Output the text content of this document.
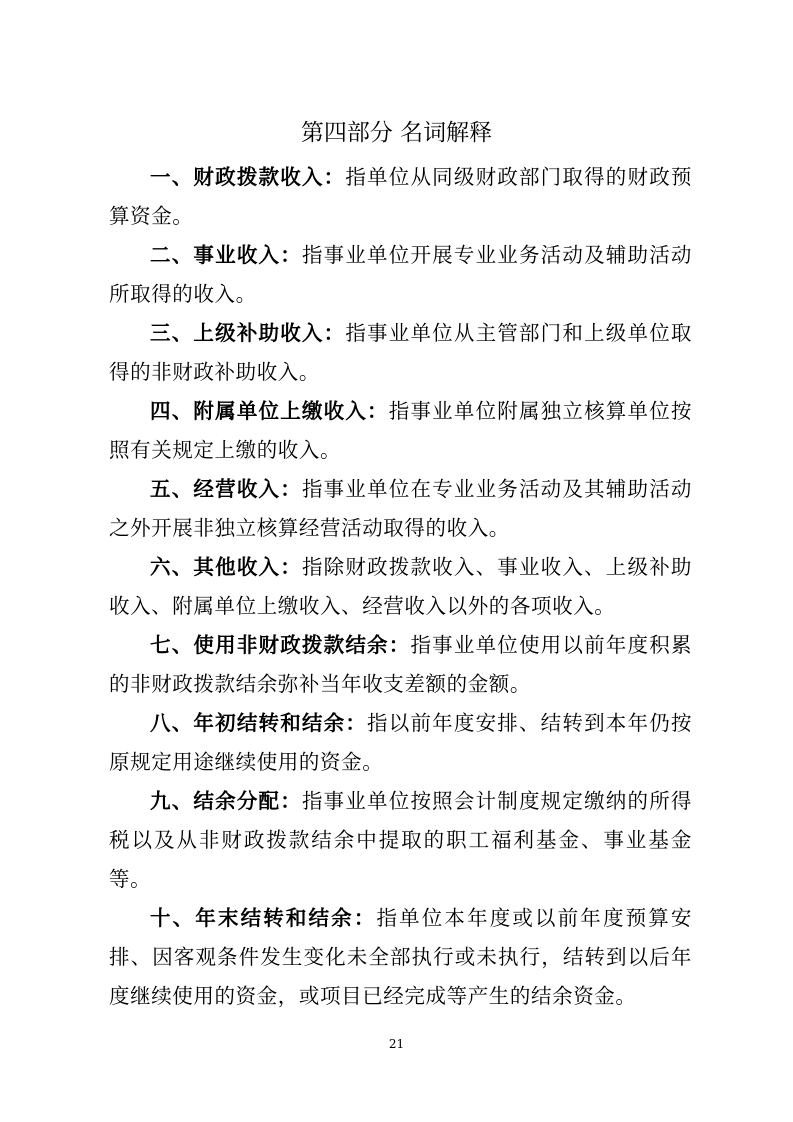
第四部分 名词解释

一、财政拨款收入：指单位从同级财政部门取得的财政预算资金。

二、事业收入：指事业单位开展专业业务活动及辅助活动所取得的收入。

三、上级补助收入：指事业单位从主管部门和上级单位取得的非财政补助收入。

四、附属单位上缴收入：指事业单位附属独立核算单位按照有关规定上缴的收入。

五、经营收入：指事业单位在专业业务活动及其辅助活动之外开展非独立核算经营活动取得的收入。

六、其他收入：指除财政拨款收入、事业收入、上级补助收入、附属单位上缴收入、经营收入以外的各项收入。

七、使用非财政拨款结余：指事业单位使用以前年度积累的非财政拨款结余弥补当年收支差额的金额。

八、年初结转和结余：指以前年度安排、结转到本年仍按原规定用途继续使用的资金。

九、结余分配：指事业单位按照会计制度规定缴纳的所得税以及从非财政拨款结余中提取的职工福利基金、事业基金等。

十、年末结转和结余：指单位本年度或以前年度预算安排、因客观条件发生变化未全部执行或未执行，结转到以后年度继续使用的资金，或项目已经完成等产生的结余资金。

21
